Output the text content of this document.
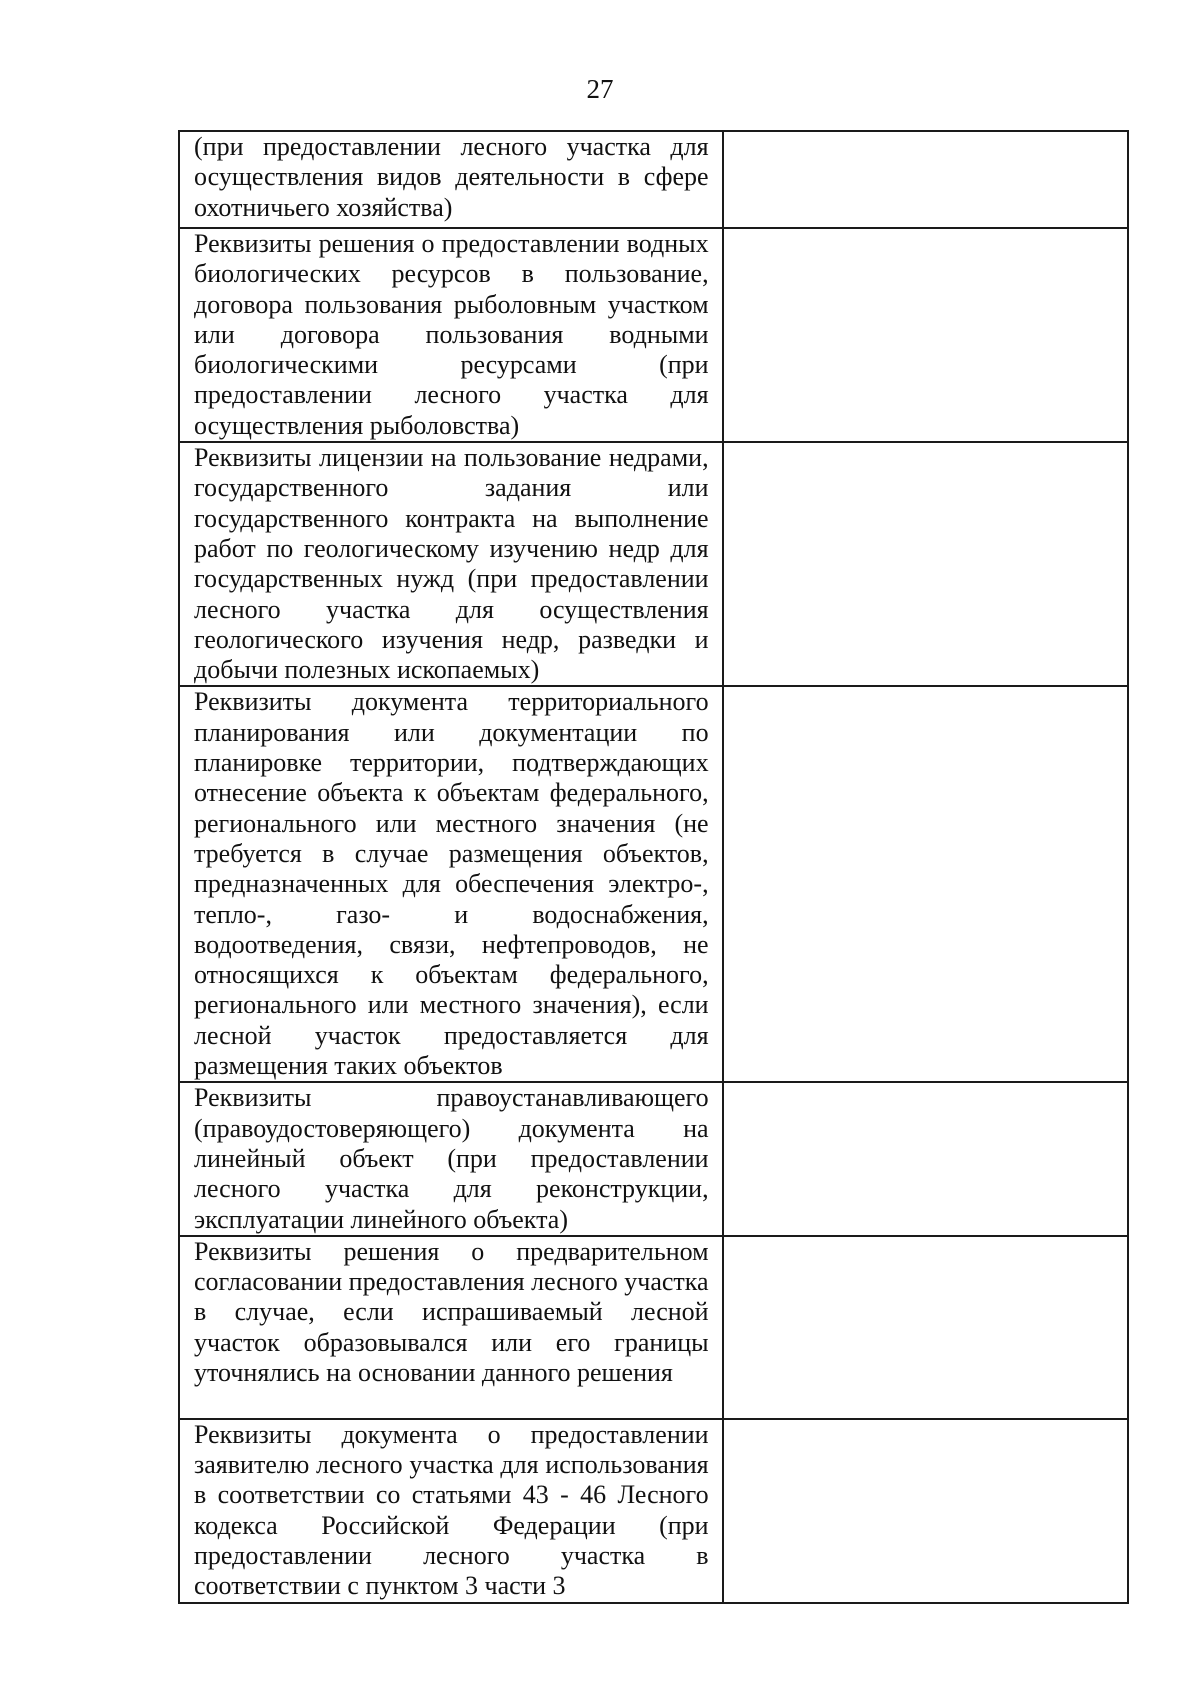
27
(при предоставлении лесного участка для осуществления видов деятельности в сфере охотничьего хозяйства)	

Реквизиты решения о предоставлении водных биологических ресурсов в пользование, договора пользования рыболовным участком или договора пользования водными биологическими ресурсами (при предоставлении лесного участка для осуществления рыболовства)	

Реквизиты лицензии на пользование недрами, государственного задания или государственного контракта на выполнение работ по геологическому изучению недр для государственных нужд (при предоставлении лесного участка для осуществления геологического изучения недр, разведки и добычи полезных ископаемых)	

Реквизиты документа территориального планирования или документации по планировке территории, подтверждающих отнесение объекта к объектам федерального, регионального или местного значения (не требуется в случае размещения объектов, предназначенных для обеспечения электро-, тепло-, газо- и водоснабжения, водоотведения, связи, нефтепроводов, не относящихся к объектам федерального, регионального или местного значения), если лесной участок предоставляется для размещения таких объектов	

Реквизиты правоустанавливающего (правоудостоверяющего) документа на линейный объект (при предоставлении лесного участка для реконструкции, эксплуатации линейного объекта)	

Реквизиты решения о предварительном согласовании предоставления лесного участка в случае, если испрашиваемый лесной участок образовывался или его границы уточнялись на основании данного решения	

Реквизиты документа о предоставлении заявителю лесного участка для использования в соответствии со статьями 43 - 46 Лесного кодекса Российской Федерации (при предоставлении лесного участка в соответствии с пунктом 3 части 3	
